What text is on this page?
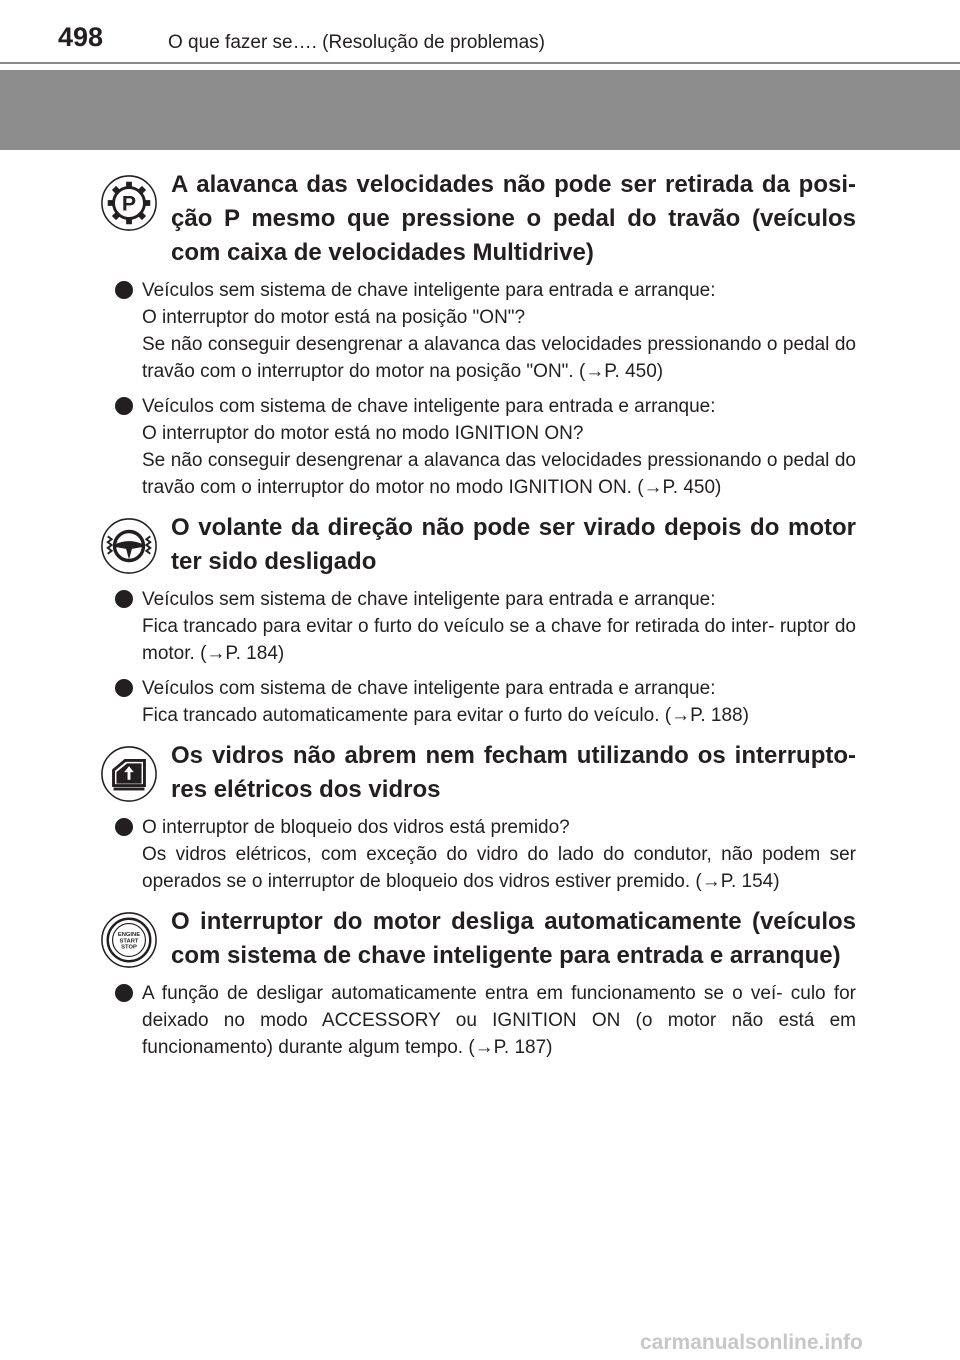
498	O que fazer se…. (Resolução de problemas)
P
A alavanca das velocidades não pode ser retirada da posi- ção P mesmo que pressione o pedal do travão (veículos com caixa de velocidades Multidrive)
Veículos sem sistema de chave inteligente para entrada e arranque:
O interruptor do motor está na posição "ON"?
Se não conseguir desengrenar a alavanca das velocidades pressionando o pedal do travão com o interruptor do motor na posição "ON". (→P. 450)
Veículos com sistema de chave inteligente para entrada e arranque:
O interruptor do motor está no modo IGNITION ON?
Se não conseguir desengrenar a alavanca das velocidades pressionando o pedal do travão com o interruptor do motor no modo IGNITION ON. (→P. 450)
O volante da direção não pode ser virado depois do motor ter sido desligado
Veículos sem sistema de chave inteligente para entrada e arranque:
Fica trancado para evitar o furto do veículo se a chave for retirada do inter- ruptor do motor. (→P. 184)
Veículos com sistema de chave inteligente para entrada e arranque:
Fica trancado automaticamente para evitar o furto do veículo. (→P. 188)
Os vidros não abrem nem fecham utilizando os interrupto- res elétricos dos vidros
O interruptor de bloqueio dos vidros está premido?
Os vidros elétricos, com exceção do vidro do lado do condutor, não podem ser operados se o interruptor de bloqueio dos vidros estiver premido. (→P. 154)
ENGINE
START
STOP
O interruptor do motor desliga automaticamente (veículos com sistema de chave inteligente para entrada e arranque)
A função de desligar automaticamente entra em funcionamento se o veí- culo for deixado no modo ACCESSORY ou IGNITION ON (o motor não está em funcionamento) durante algum tempo. (→P. 187)
carmanualsonline.info
